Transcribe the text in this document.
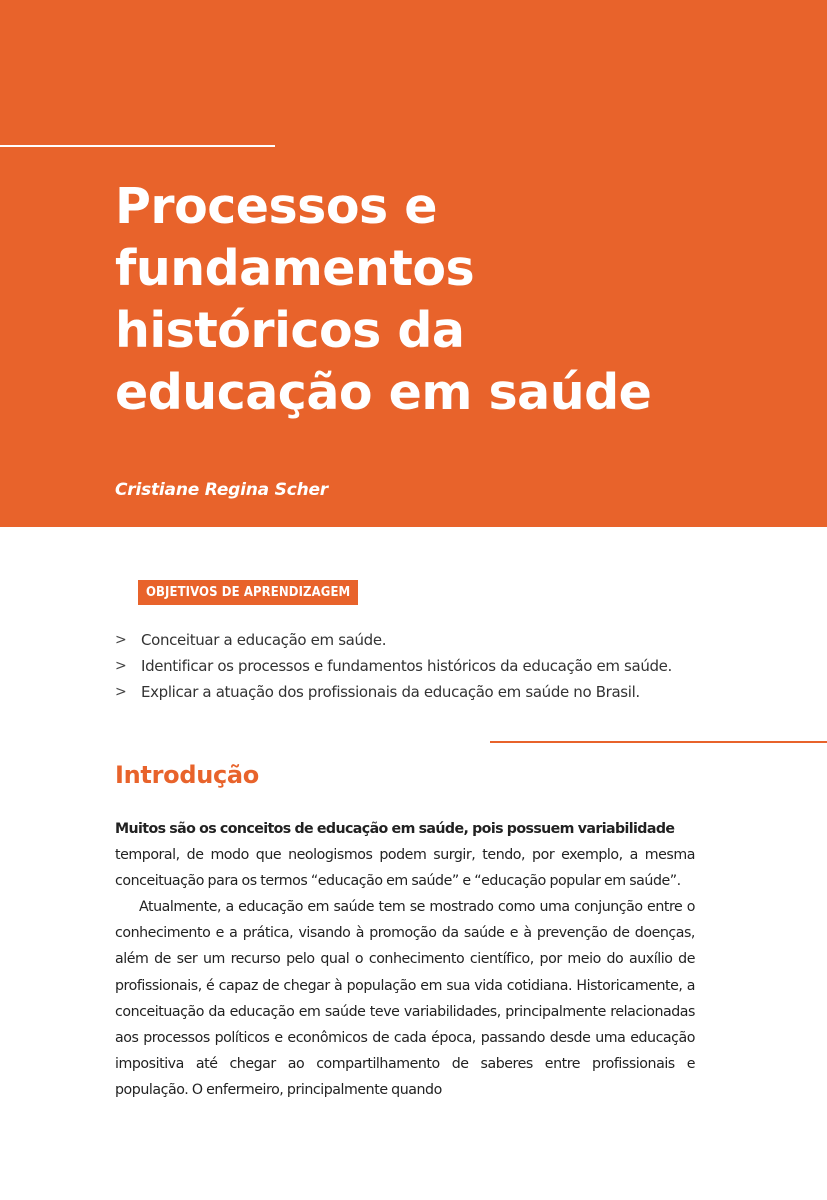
Processos e
fundamentos
históricos da
educação em saúde
Cristiane Regina Scher
OBJETIVOS DE APRENDIZAGEM
> Conceituar a educação em saúde.
> Identificar os processos e fundamentos históricos da educação em saúde.
> Explicar a atuação dos profissionais da educação em saúde no Brasil.
Introdução

Muitos são os conceitos de educação em saúde, pois possuem variabilidade

temporal, de modo que neologismos podem surgir, tendo, por exemplo, a mesma conceituação para os termos “educação em saúde” e “educação popular em saúde”.

Atualmente, a educação em saúde tem se mostrado como uma conjunção entre o conhecimento e a prática, visando à promoção da saúde e à prevenção de doenças, além de ser um recurso pelo qual o conhecimento científico, por meio do auxílio de profissionais, é capaz de chegar à população em sua vida cotidiana. Historicamente, a conceituação da educação em saúde teve variabilidades, principalmente relacionadas aos processos políticos e econômicos de cada época, passando desde uma educação impositiva até chegar ao compartilhamento de saberes entre profissionais e população. O enfermeiro, principalmente quando
